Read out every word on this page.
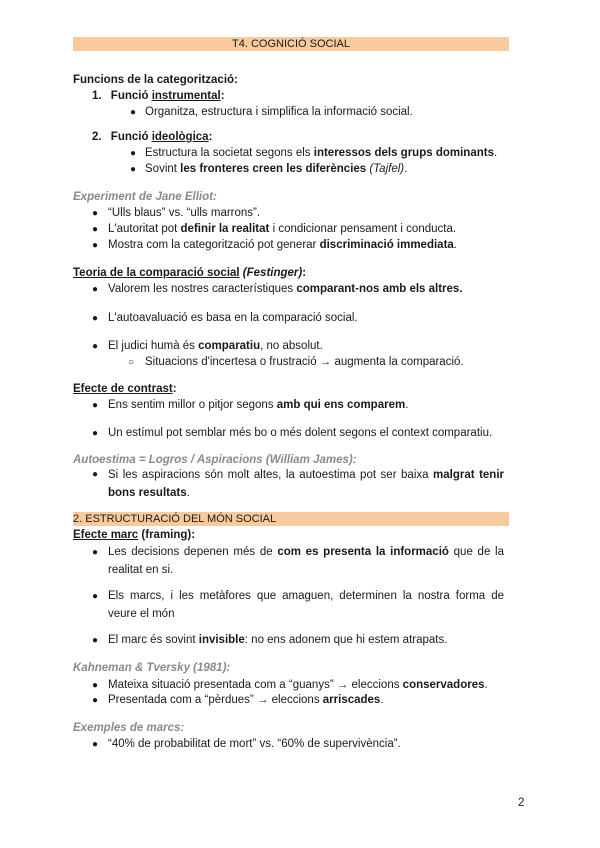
T4. COGNICIÓ SOCIAL
Funcions de la categorització:
1. Funció instrumental:
● Organitza, estructura i simplifica la informació social.
2. Funció ideològica:
● Estructura la societat segons els interessos dels grups dominants.
● Sovint les fronteres creen les diferències (Tajfel).
Experiment de Jane Elliot:
● “Ulls blaus” vs. “ulls marrons”.
● L'autoritat pot definir la realitat i condicionar pensament i conducta.
● Mostra com la categorització pot generar discriminació immediata.
Teoria de la comparació social (Festinger):
● Valorem les nostres característiques comparant-nos amb els altres.
● L'autoavaluació es basa en la comparació social.
● El judici humà és comparatiu, no absolut.
○ Situacions d'incertesa o frustració → augmenta la comparació.
Efecte de contrast:
● Ens sentim millor o pitjor segons amb qui ens comparem.
● Un estímul pot semblar més bo o més dolent segons el context comparatiu.
Autoestima = Logros / Aspiracions (William James):
● Si les aspiracions són molt altes, la autoestima pot ser baixa malgrat tenir bons resultats.
2. ESTRUCTURACIÓ DEL MÓN SOCIAL
Efecte marc (framing):
● Les decisions depenen més de com es presenta la informació que de la realitat en si.
● Els marcs, i les metàfores que amaguen, determinen la nostra forma de veure el món
● El marc és sovint invisible: no ens adonem que hi estem atrapats.
Kahneman & Tversky (1981):
● Mateixa situació presentada com a “guanys” → eleccions conservadores.
● Presentada com a “pèrdues” → eleccions arriscades.
Exemples de marcs:
● “40% de probabilitat de mort” vs. “60% de supervivència”.
2
